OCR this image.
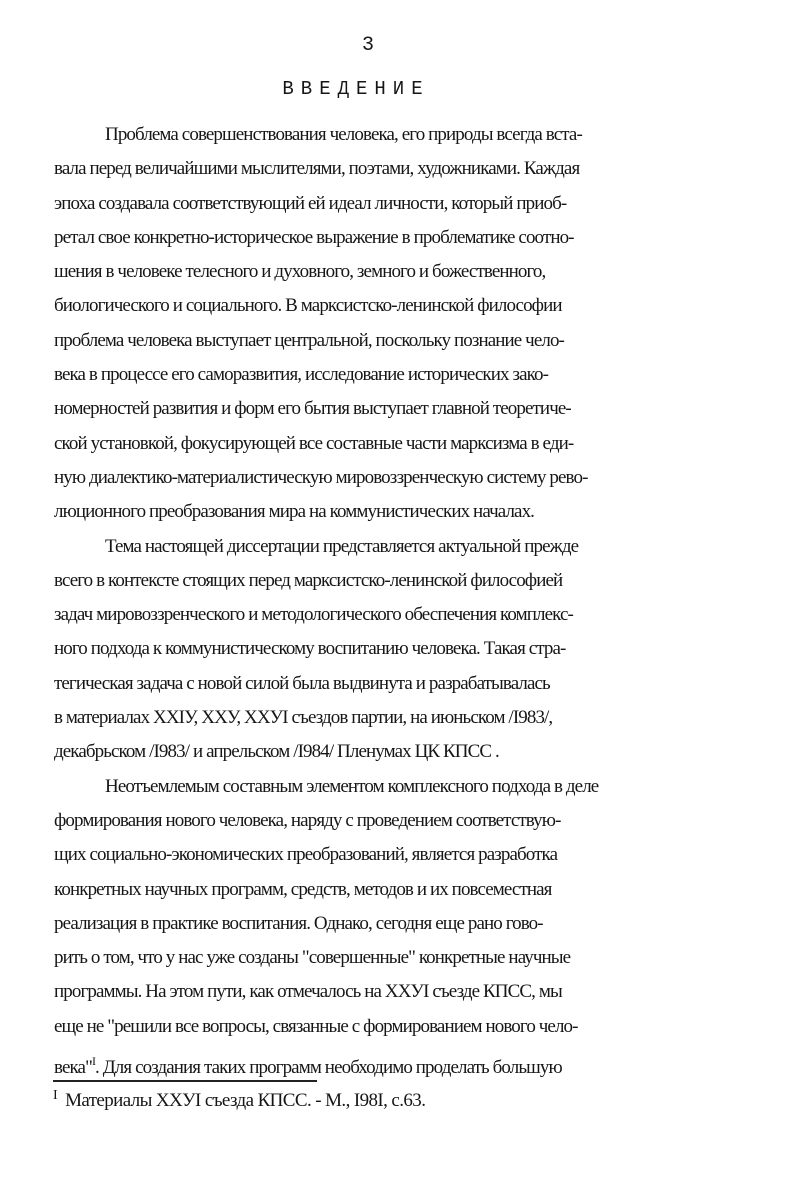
3
ВВЕДЕНИЕ
Проблема совершенствования человека, его природы всегда вста-
вала перед величайшими мыслителями, поэтами, художниками. Каждая
эпоха создавала соответствующий ей идеал личности, который приоб-
ретал свое конкретно-историческое выражение в проблематике соотно-
шения в человеке телесного и духовного, земного и божественного,
биологического и социального. В марксистско-ленинской философии
проблема человека выступает центральной, поскольку познание чело-
века в процессе его саморазвития, исследование исторических зако-
номерностей развития и форм его бытия выступает главной теоретиче-
ской установкой, фокусирующей все составные части марксизма в еди-
ную диалектико-материалистическую мировоззренческую систему рево-
люционного преобразования мира на коммунистических началах.
Тема настоящей диссертации представляется актуальной прежде
всего в контексте стоящих перед марксистско-ленинской философией
задач мировоззренческого и методологического обеспечения комплекс-
ного подхода к коммунистическому воспитанию человека. Такая стра-
тегическая задача с новой силой была выдвинута и разрабатывалась
в материалах XXIУ, XXУ, XXУI съездов партии, на июньском /I983/,
декабрьском /I983/ и апрельском /I984/ Пленумах ЦК КПСС .
Неотъемлемым составным элементом комплексного подхода в деле
формирования нового человека, наряду с проведением соответствую-
щих социально-экономических преобразований, является разработка
конкретных научных программ, средств, методов и их повсеместная
реализация в практике воспитания. Однако, сегодня еще рано гово-
рить о том, что у нас уже созданы "совершенные" конкретные научные
программы. На этом пути, как отмечалось на XXУI съезде КПСС, мы
еще не "решили все вопросы, связанные с формированием нового чело-
века"$^I$. Для создания таких программ необходимо проделать большую
$^I$ Материалы XXУI съезда КПСС. - М., I98I, с.63.
